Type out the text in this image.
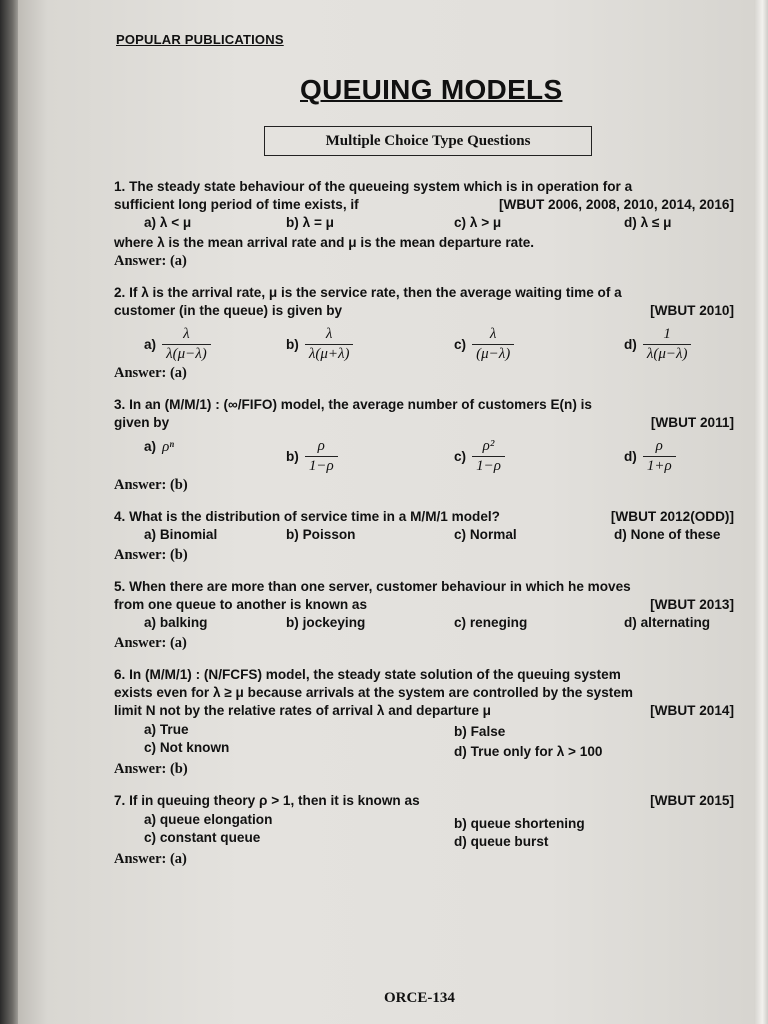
POPULAR PUBLICATIONS
QUEUING MODELS
Multiple Choice Type Questions
1. The steady state behaviour of the queueing system which is in operation for a
sufficient long period of time exists, if	[WBUT 2006, 2008, 2010, 2014, 2016]
a) λ < μ	b) λ = μ	c) λ > μ	d) λ ≤ μ
where λ is the mean arrival rate and μ is the mean departure rate.
Answer: (a)
2. If λ is the arrival rate, μ is the service rate, then the average waiting time of a
customer (in the queue) is given by	[WBUT 2010]
$a) \frac{\lambda}{\lambda(\mu-\lambda)}$	$b) \frac{\lambda}{\lambda(\mu+\lambda)}$	$c) \frac{\lambda}{(\mu-\lambda)}$	$d) \frac{1}{\lambda(\mu-\lambda)}$
Answer: (a)
3. In an (M/M/1) : (∞/FIFO) model, the average number of customers E(n) is
given by	[WBUT 2011]
a) ρⁿ
$b) \frac{\rho}{1-\rho}$	$c) \frac{\text{ρ²}}{1-\rho}$	$d) \frac{\rho}{1+\rho}$
Answer: (b)
4. What is the distribution of service time in a M/M/1 model?	[WBUT 2012(ODD)]
a) Binomial	b) Poisson	c) Normal	d) None of these
Answer: (b)
5. When there are more than one server, customer behaviour in which he moves
from one queue to another is known as	[WBUT 2013]
a) balking	b) jockeying	c) reneging	d) alternating
Answer: (a)
6. In (M/M/1) : (N/FCFS) model, the steady state solution of the queuing system
exists even for λ ≥ μ because arrivals at the system are controlled by the system
limit N not by the relative rates of arrival λ and departure μ	[WBUT 2014]
a) True	b) False
c) Not known	d) True only for λ > 100
Answer: (b)
7. If in queuing theory ρ > 1, then it is known as	[WBUT 2015]
a) queue elongation	b) queue shortening
c) constant queue	d) queue burst
Answer: (a)
ORCE-134
